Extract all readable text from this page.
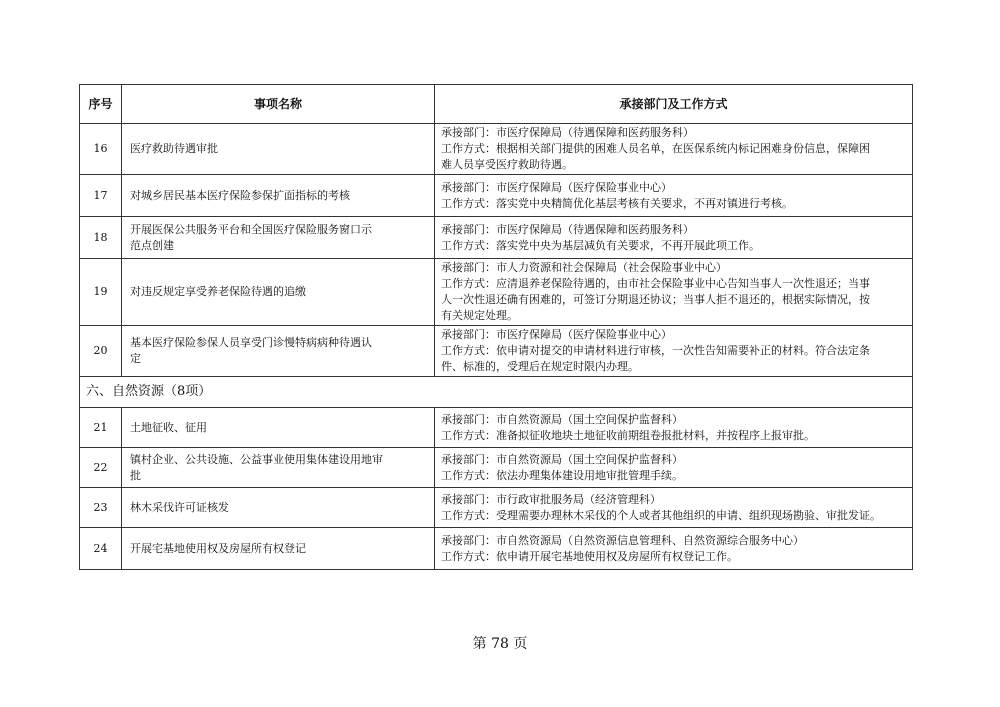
序号	事项名称	承接部门及工作方式
16	医疗救助待遇审批	承接部门：市医疗保障局（待遇保障和医药服务科）
工作方式：根据相关部门提供的困难人员名单，在医保系统内标记困难身份信息，保障困
难人员享受医疗救助待遇。

17	对城乡居民基本医疗保险参保扩面指标的考核	承接部门：市医疗保障局（医疗保险事业中心）
工作方式：落实党中央精简优化基层考核有关要求，不再对镇进行考核。

18	开展医保公共服务平台和全国医疗保险服务窗口示
范点创建	承接部门：市医疗保障局（待遇保障和医药服务科）
工作方式：落实党中央为基层减负有关要求，不再开展此项工作。

19	对违反规定享受养老保险待遇的追缴	承接部门：市人力资源和社会保障局（社会保险事业中心）
工作方式：应清退养老保险待遇的，由市社会保险事业中心告知当事人一次性退还；当事
人一次性退还确有困难的，可签订分期退还协议；当事人拒不退还的，根据实际情况，按
有关规定处理。

20	基本医疗保险参保人员享受门诊慢特病病种待遇认
定	承接部门：市医疗保障局（医疗保险事业中心）
工作方式：依申请对提交的申请材料进行审核，一次性告知需要补正的材料。符合法定条
件、标准的，受理后在规定时限内办理。

六、自然资源（8项）		
21	土地征收、征用	承接部门：市自然资源局（国土空间保护监督科）
工作方式：准备拟征收地块土地征收前期组卷报批材料，并按程序上报审批。

22	镇村企业、公共设施、公益事业使用集体建设用地审
批	承接部门：市自然资源局（国土空间保护监督科）
工作方式：依法办理集体建设用地审批管理手续。

23	林木采伐许可证核发	承接部门：市行政审批服务局（经济管理科）
工作方式：受理需要办理林木采伐的个人或者其他组织的申请、组织现场勘验、审批发证。

24	开展宅基地使用权及房屋所有权登记	承接部门：市自然资源局（自然资源信息管理科、自然资源综合服务中心）
工作方式：依申请开展宅基地使用权及房屋所有权登记工作。
第 78 页
